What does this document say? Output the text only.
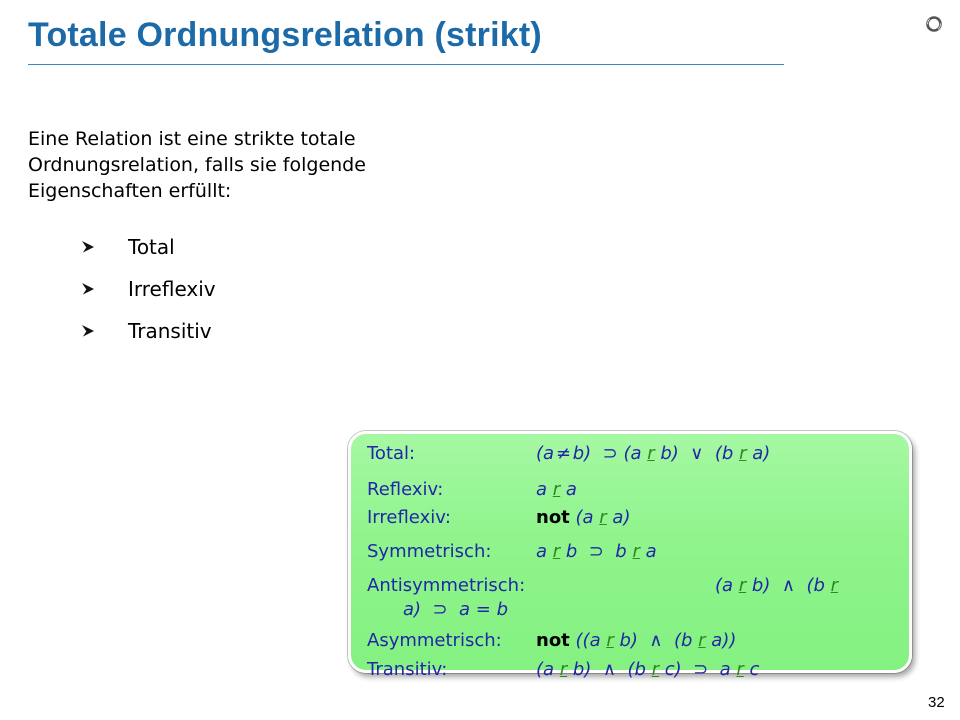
Totale Ordnungsrelation (strikt)
Eine Relation ist eine strikte totale
Ordnungsrelation, falls sie folgende
Eigenschaften erfüllt:
Total
Irreflexiv
Transitiv
Total:	(a ≠ b)  ⊃ (a r b)  ∨  (b r a)
Reflexiv:	a r a
Irreflexiv:	not (a r a)
Symmetrisch: a r b  ⊃  b r a
Antisymmetrisch:	(a r b)  ∧  (b r
a)  ⊃  a = b
Asymmetrisch: not ((a r b)  ∧  (b r a))
Transitiv:	(a r b)  ∧  (b r c)  ⊃  a r c
32
